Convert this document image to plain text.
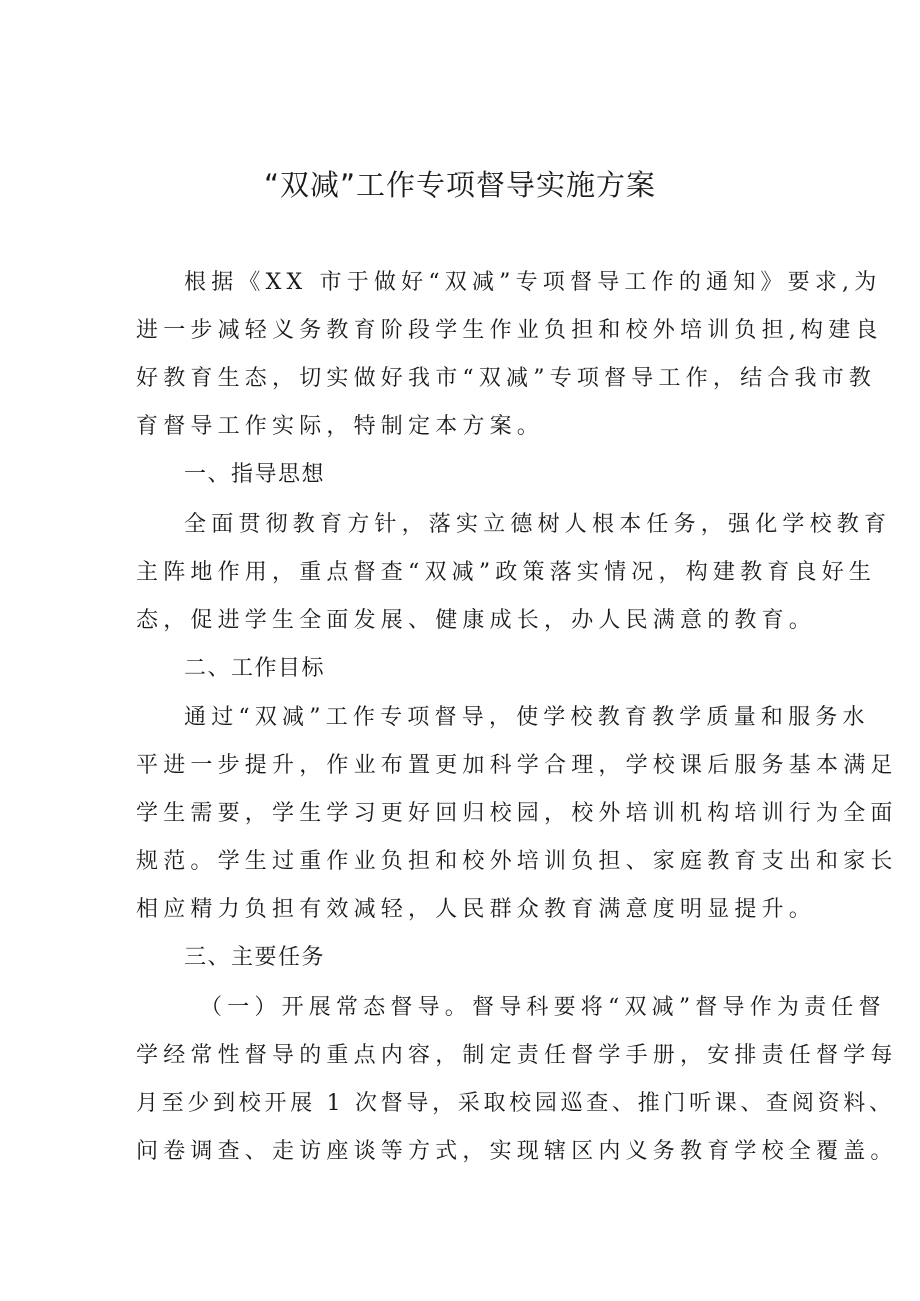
“双减”工作专项督导实施方案
根据《XX 市于做好“双减”专项督导工作的通知》要求,为
进一步减轻义务教育阶段学生作业负担和校外培训负担,构建良
好教育生态，切实做好我市“双减”专项督导工作，结合我市教
育督导工作实际，特制定本方案。
一、指导思想
全面贯彻教育方针，落实立德树人根本任务，强化学校教育
主阵地作用，重点督查“双减”政策落实情况，构建教育良好生
态，促进学生全面发展、健康成长，办人民满意的教育。
二、工作目标
通过“双减”工作专项督导，使学校教育教学质量和服务水
平进一步提升，作业布置更加科学合理，学校课后服务基本满足
学生需要，学生学习更好回归校园，校外培训机构培训行为全面
规范。学生过重作业负担和校外培训负担、家庭教育支出和家长
相应精力负担有效减轻，人民群众教育满意度明显提升。
三、主要任务
（一）开展常态督导。督导科要将“双减”督导作为责任督
学经常性督导的重点内容，制定责任督学手册，安排责任督学每
月至少到校开展 1 次督导，采取校园巡查、推门听课、查阅资料、
问卷调查、走访座谈等方式，实现辖区内义务教育学校全覆盖。
